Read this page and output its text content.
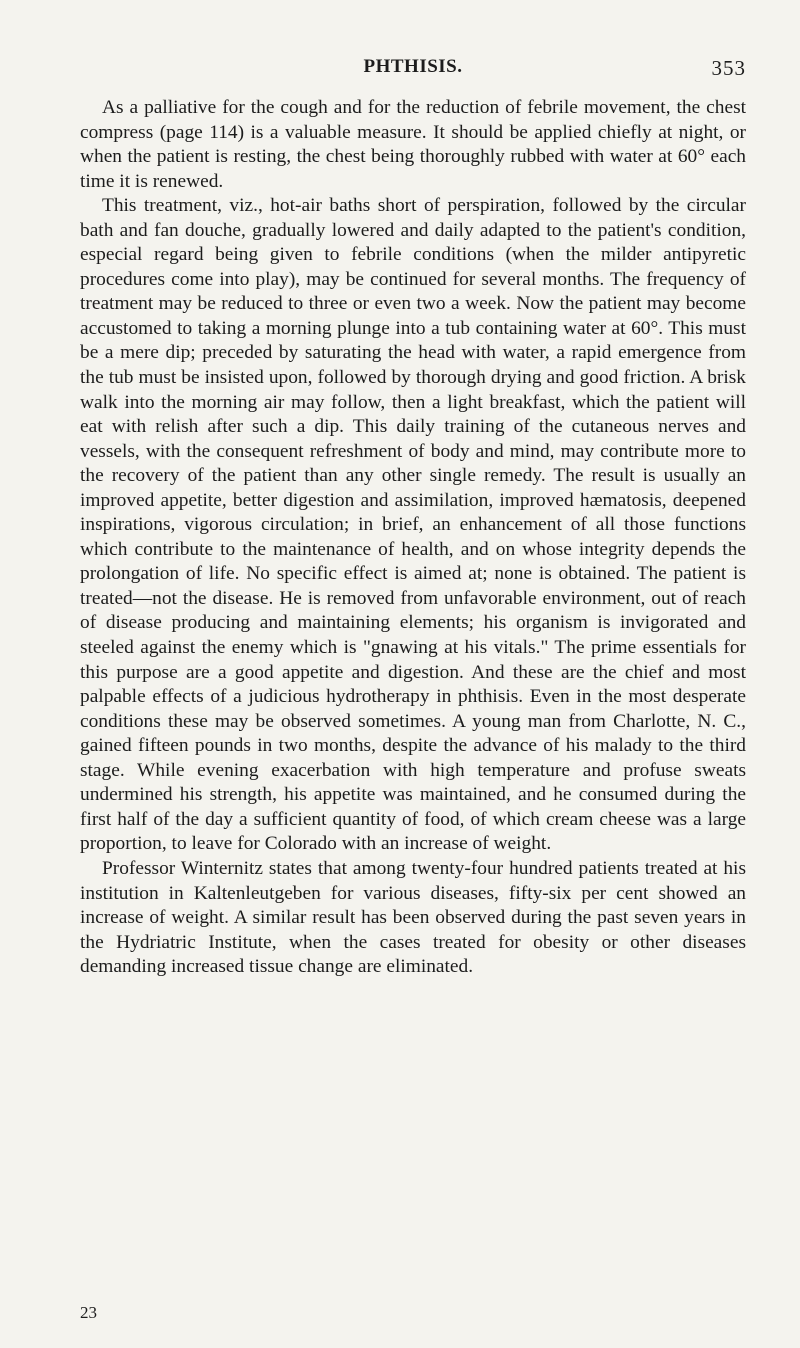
PHTHISIS.	353

As a palliative for the cough and for the reduction of febrile movement, the chest compress (page 114) is a valuable measure. It should be applied chiefly at night, or when the patient is resting, the chest being thoroughly rubbed with water at 60° each time it is renewed.

This treatment, viz., hot-air baths short of perspiration, followed by the circular bath and fan douche, gradually lowered and daily adapted to the patient's condition, especial regard being given to febrile conditions (when the milder antipyretic procedures come into play), may be continued for several months. The frequency of treatment may be reduced to three or even two a week. Now the patient may become accustomed to taking a morning plunge into a tub containing water at 60°. This must be a mere dip; preceded by saturating the head with water, a rapid emergence from the tub must be insisted upon, followed by thorough drying and good friction. A brisk walk into the morning air may follow, then a light breakfast, which the patient will eat with relish after such a dip. This daily training of the cutaneous nerves and vessels, with the consequent refreshment of body and mind, may contribute more to the recovery of the patient than any other single remedy. The result is usually an improved appetite, better digestion and assimilation, improved hæmatosis, deepened inspirations, vigorous circulation; in brief, an enhancement of all those functions which contribute to the maintenance of health, and on whose integrity depends the prolongation of life. No specific effect is aimed at; none is obtained. The patient is treated—not the disease. He is removed from unfavorable environment, out of reach of disease producing and maintaining elements; his organism is invigorated and steeled against the enemy which is "gnawing at his vitals." The prime essentials for this purpose are a good appetite and digestion. And these are the chief and most palpable effects of a judicious hydrotherapy in phthisis. Even in the most desperate conditions these may be observed sometimes. A young man from Charlotte, N. C., gained fifteen pounds in two months, despite the advance of his malady to the third stage. While evening exacerbation with high temperature and profuse sweats undermined his strength, his appetite was maintained, and he consumed during the first half of the day a sufficient quantity of food, of which cream cheese was a large proportion, to leave for Colorado with an increase of weight.

Professor Winternitz states that among twenty-four hundred patients treated at his institution in Kaltenleutgeben for various diseases, fifty-six per cent showed an increase of weight. A similar result has been observed during the past seven years in the Hydriatric Institute, when the cases treated for obesity or other diseases demanding increased tissue change are eliminated.

23
